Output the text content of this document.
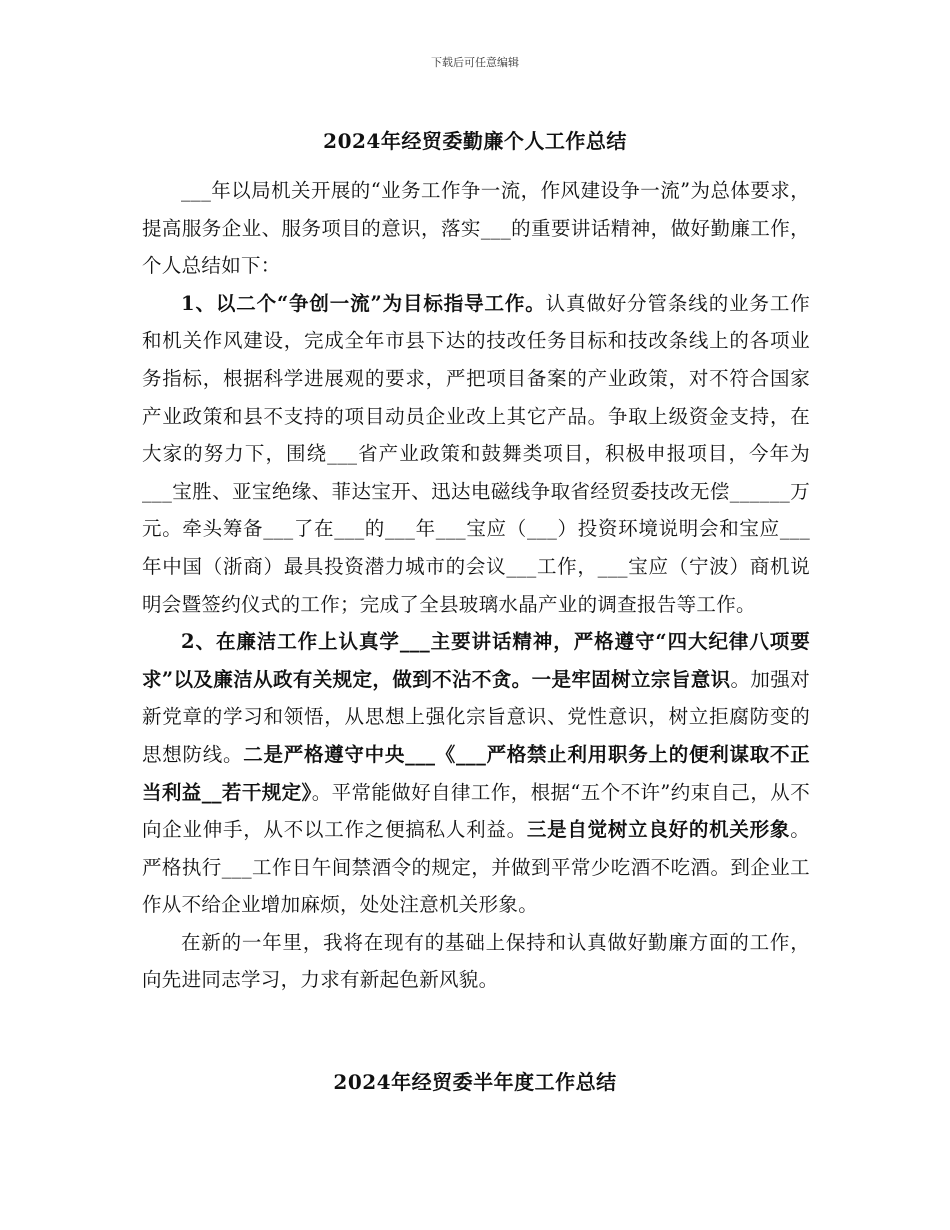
下载后可任意编辑
2024年经贸委勤廉个人工作总结

___年以局机关开展的“业务工作争一流，作风建设争一流”为总体要求，提高服务企业、服务项目的意识，落实___的重要讲话精神，做好勤廉工作，个人总结如下：

1、以二个“争创一流”为目标指导工作。认真做好分管条线的业务工作和机关作风建设，完成全年市县下达的技改任务目标和技改条线上的各项业务指标，根据科学进展观的要求，严把项目备案的产业政策，对不符合国家产业政策和县不支持的项目动员企业改上其它产品。争取上级资金支持，在大家的努力下，围绕___省产业政策和鼓舞类项目，积极申报项目，今年为___宝胜、亚宝绝缘、菲达宝开、迅达电磁线争取省经贸委技改无偿______万元。牵头筹备___了在___的___年___宝应（___）投资环境说明会和宝应___年中国（浙商）最具投资潜力城市的会议___工作，___宝应（宁波）商机说明会暨签约仪式的工作；完成了全县玻璃水晶产业的调查报告等工作。

2、在廉洁工作上认真学___主要讲话精神，严格遵守“四大纪律八项要求”以及廉洁从政有关规定，做到不沾不贪。一是牢固树立宗旨意识。加强对新党章的学习和领悟，从思想上强化宗旨意识、党性意识，树立拒腐防变的思想防线。二是严格遵守中央___《___严格禁止利用职务上的便利谋取不正当利益__若干规定》。平常能做好自律工作，根据“五个不许”约束自己，从不向企业伸手，从不以工作之便搞私人利益。三是自觉树立良好的机关形象。严格执行___工作日午间禁酒令的规定，并做到平常少吃酒不吃酒。到企业工作从不给企业增加麻烦，处处注意机关形象。

在新的一年里，我将在现有的基础上保持和认真做好勤廉方面的工作，向先进同志学习，力求有新起色新风貌。

2024年经贸委半年度工作总结
